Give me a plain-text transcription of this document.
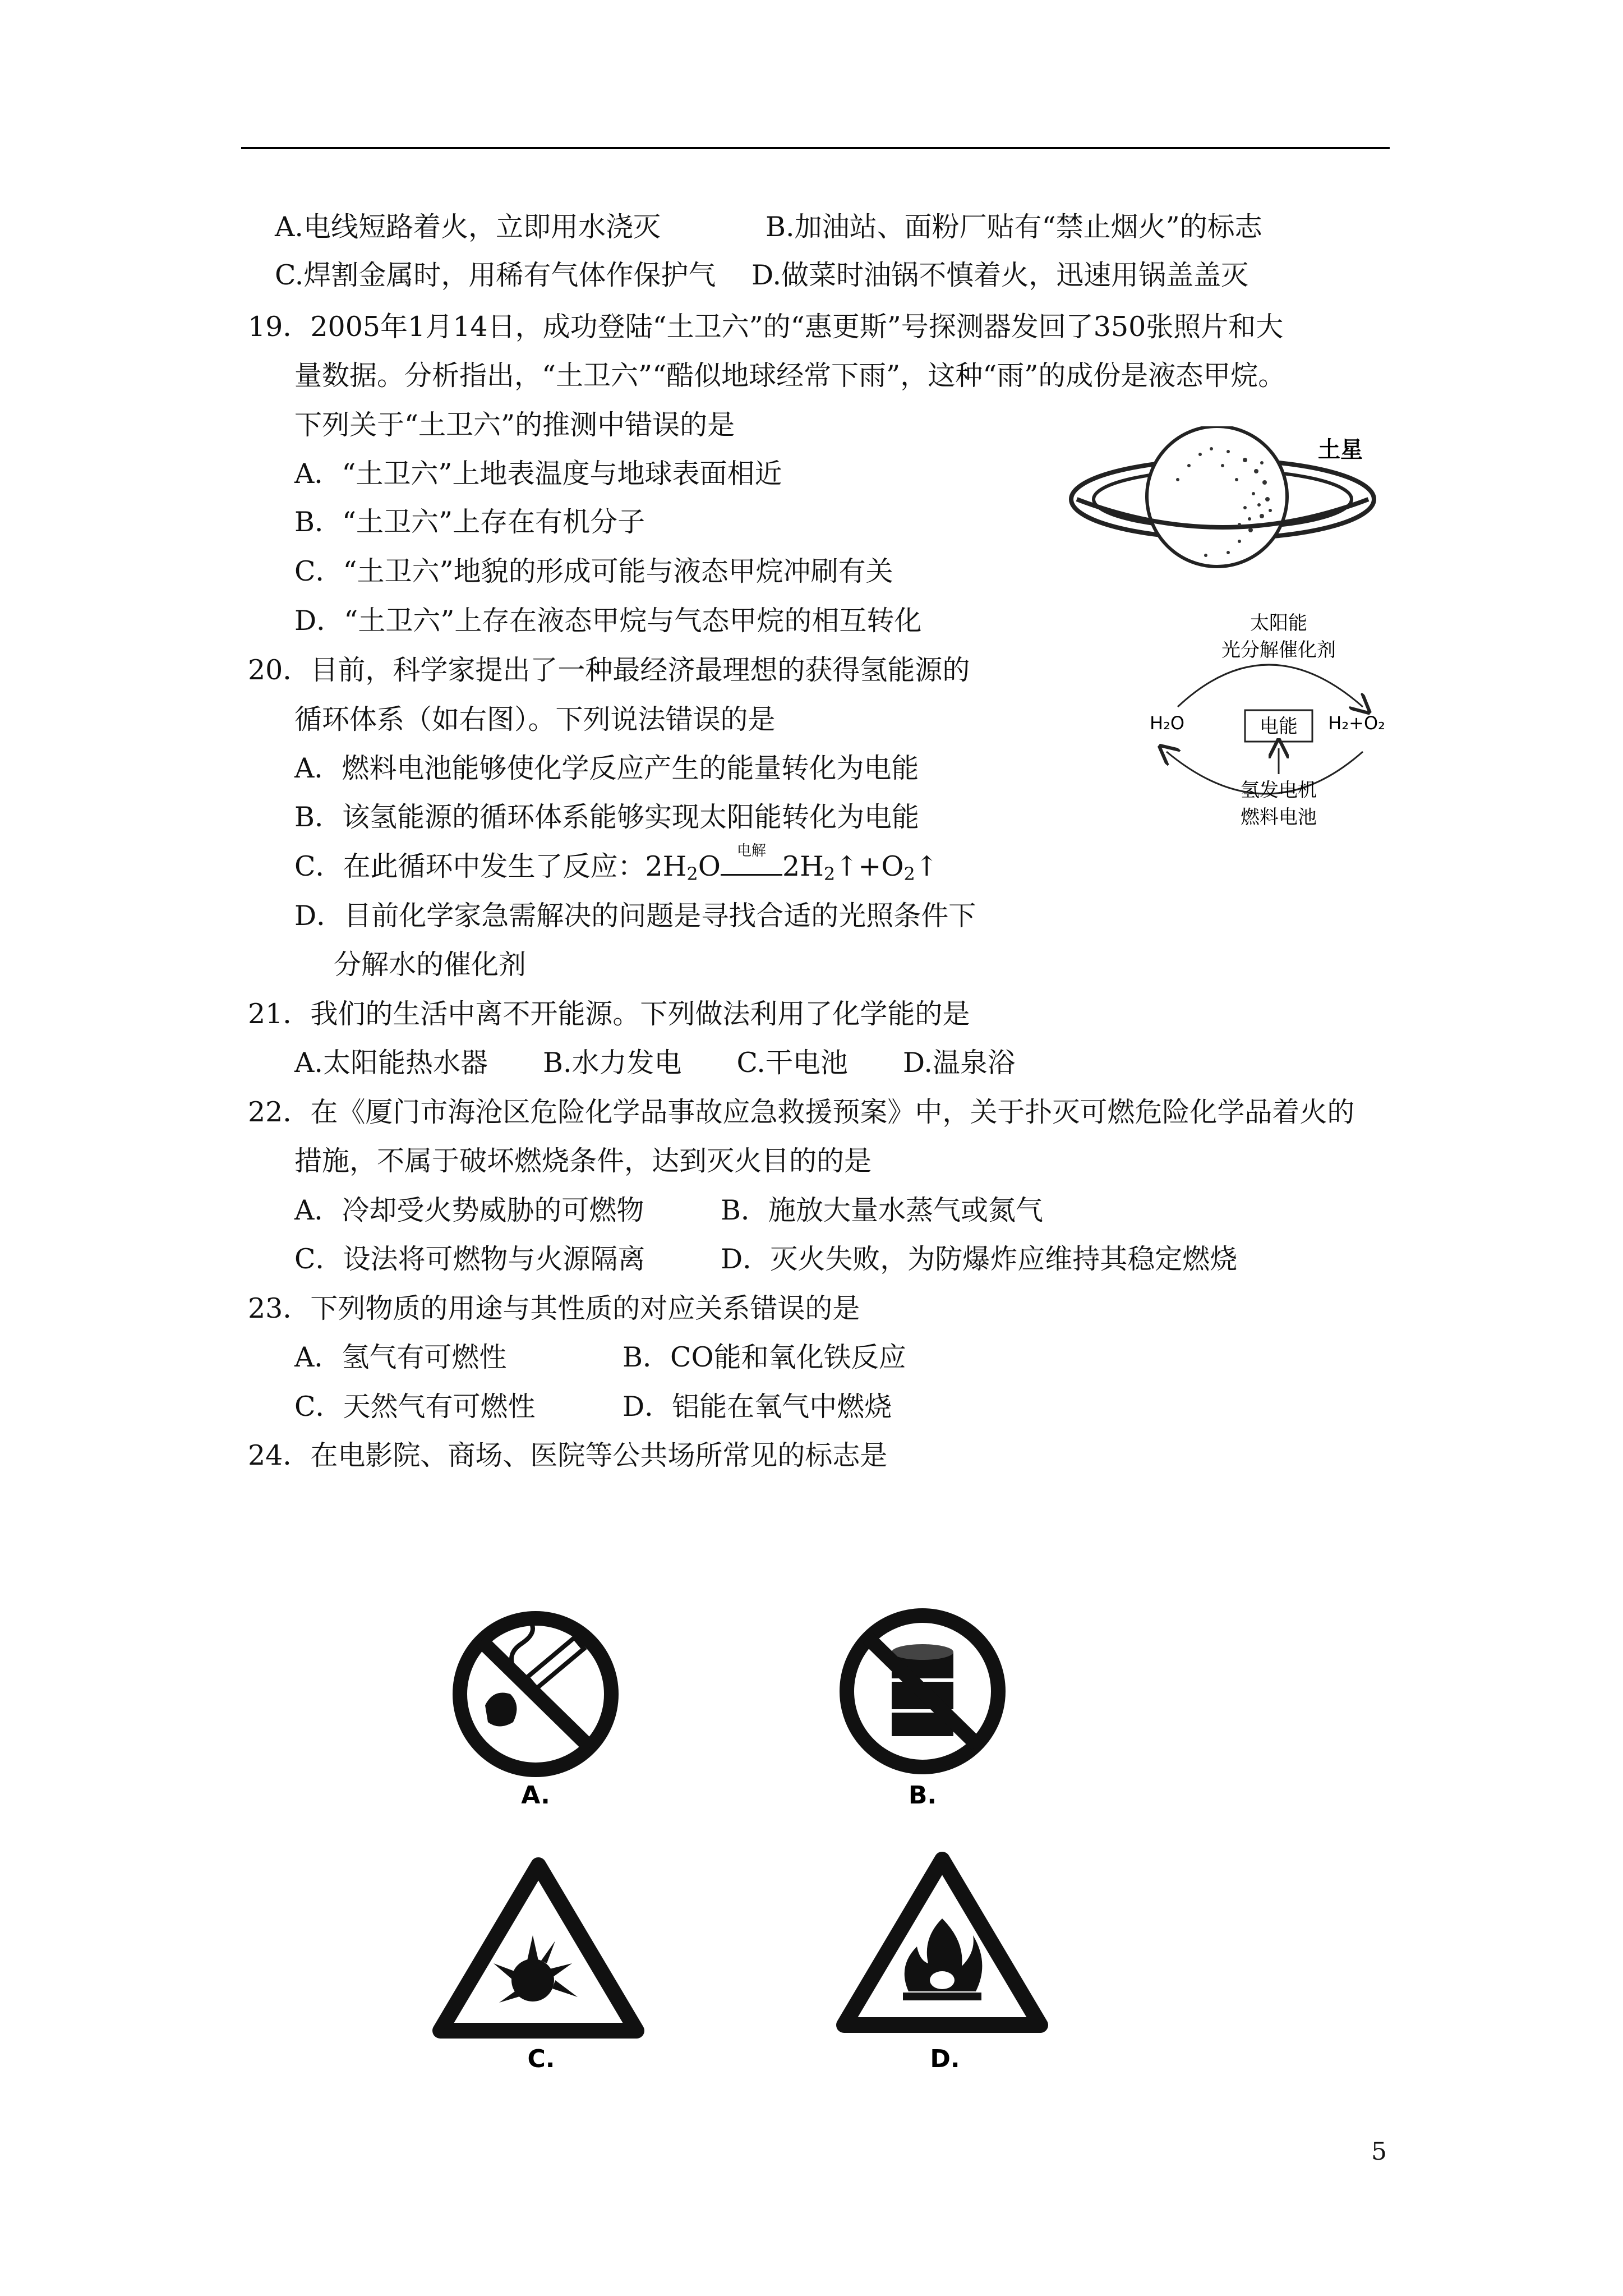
A.电线短路着火，立即用水浇灭	B.加油站、面粉厂贴有“禁止烟火”的标志
C.焊割金属时，用稀有气体作保护气 D.做菜时油锅不慎着火，迅速用锅盖盖灭
19．2005年1月14日，成功登陆“土卫六”的“惠更斯”号探测器发回了350张照片和大
量数据。分析指出，“土卫六”“酷似地球经常下雨”，这种“雨”的成份是液态甲烷。
下列关于“土卫六”的推测中错误的是
A．“土卫六”上地表温度与地球表面相近
B．“土卫六”上存在有机分子
C．“土卫六”地貌的形成可能与液态甲烷冲刷有关
D．“土卫六”上存在液态甲烷与气态甲烷的相互转化
土星
20．目前，科学家提出了一种最经济最理想的获得氢能源的
循环体系（如右图）。下列说法错误的是
A．燃料电池能够使化学反应产生的能量转化为电能
B．该氢能源的循环体系能够实现太阳能转化为电能
C．在此循环中发生了反应：$2H_2O$	电解 $2H_2↑+O_2↑$
D．目前化学家急需解决的问题是寻找合适的光照条件下
分解水的催化剂
太阳能
光分解催化剂
H₂O	电能 H₂+O₂
氢发电机
燃料电池
21．我们的生活中离不开能源。下列做法利用了化学能的是
A.太阳能热水器　　B.水力发电　　C.干电池　　D.温泉浴
22．在《厦门市海沧区危险化学品事故应急救援预案》中，关于扑灭可燃危险化学品着火的
措施，不属于破坏燃烧条件，达到灭火目的的是
A．冷却受火势威胁的可燃物	B．施放大量水蒸气或氮气
C．设法将可燃物与火源隔离	D．灭火失败，为防爆炸应维持其稳定燃烧
23．下列物质的用途与其性质的对应关系错误的是
A．氢气有可燃性	B．CO能和氧化铁反应
C．天然气有可燃性	D．铝能在氧气中燃烧
24．在电影院、商场、医院等公共场所常见的标志是
A.	B.
C.	D.
5
